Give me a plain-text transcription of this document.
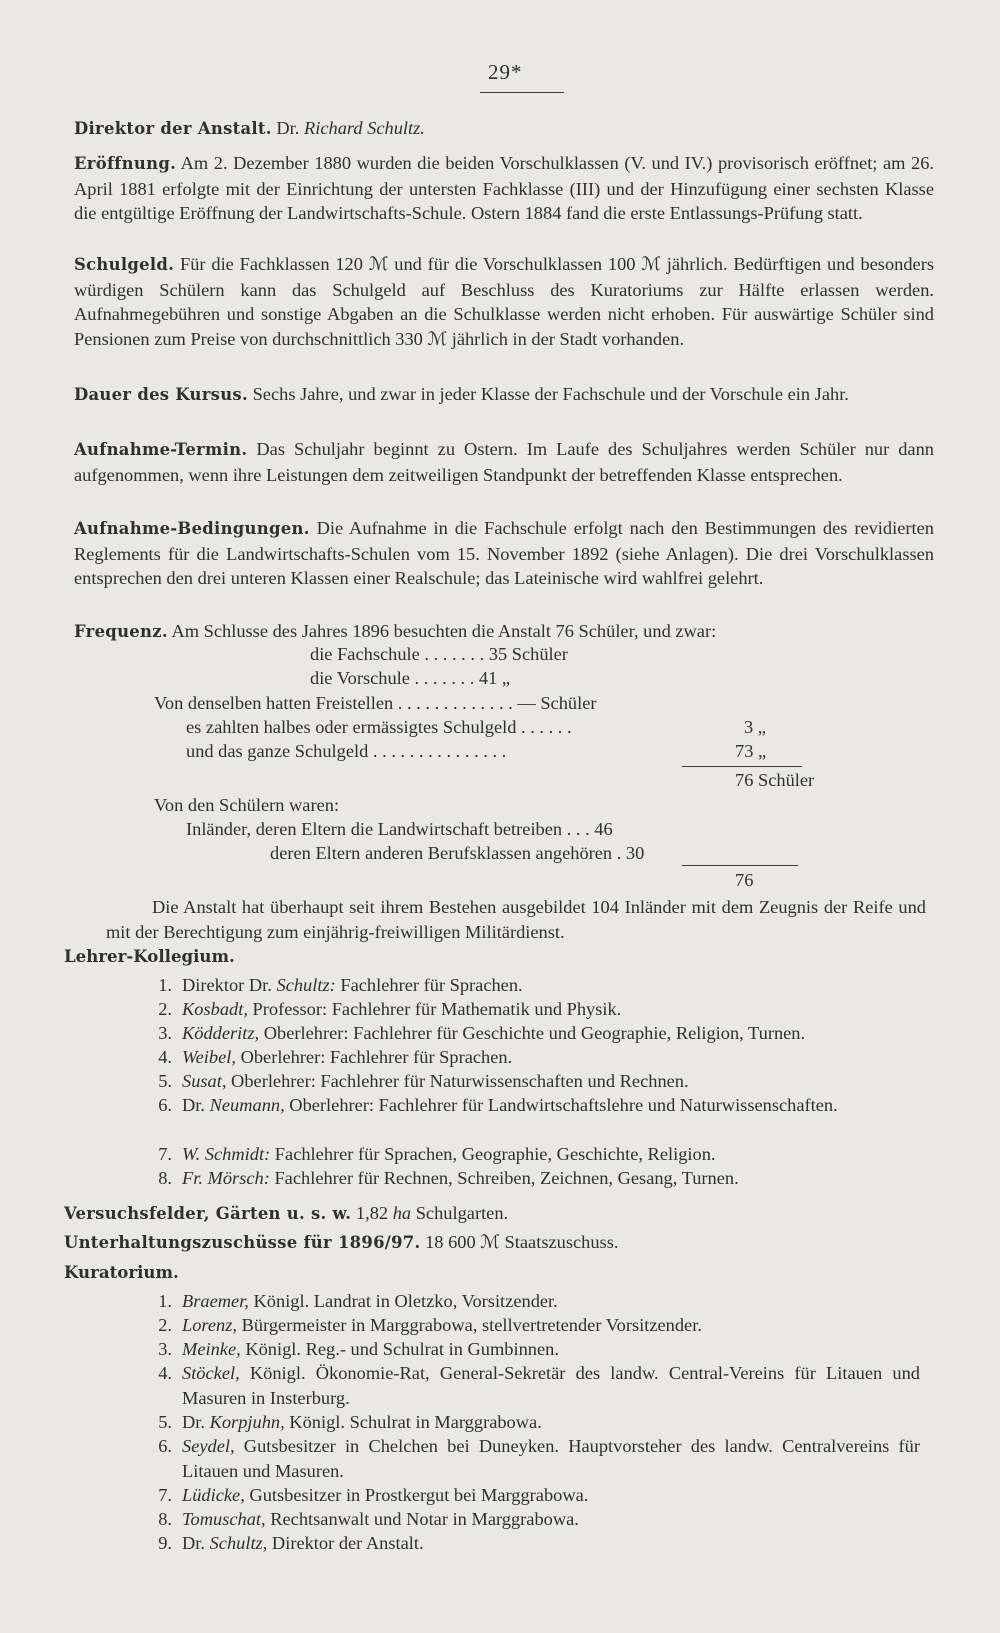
29*

Direktor der Anstalt. Dr. Richard Schultz.

Eröffnung. Am 2. Dezember 1880 wurden die beiden Vorschulklassen (V. und IV.) provisorisch eröffnet; am 26. April 1881 erfolgte mit der Einrichtung der untersten Fachklasse (III) und der Hinzufügung einer sechsten Klasse die entgültige Eröffnung der Landwirtschafts-Schule. Ostern 1884 fand die erste Entlassungs-Prüfung statt.

Schulgeld. Für die Fachklassen 120 ℳ und für die Vorschulklassen 100 ℳ jährlich. Bedürftigen und besonders würdigen Schülern kann das Schulgeld auf Beschluss des Kuratoriums zur Hälfte erlassen werden. Aufnahmegebühren und sonstige Abgaben an die Schulklasse werden nicht erhoben. Für auswärtige Schüler sind Pensionen zum Preise von durchschnittlich 330 ℳ jährlich in der Stadt vorhanden.

Dauer des Kursus. Sechs Jahre, und zwar in jeder Klasse der Fachschule und der Vorschule ein Jahr.

Aufnahme-Termin. Das Schuljahr beginnt zu Ostern. Im Laufe des Schuljahres werden Schüler nur dann aufgenommen, wenn ihre Leistungen dem zeitweiligen Standpunkt der betreffenden Klasse entsprechen.

Aufnahme-Bedingungen. Die Aufnahme in die Fachschule erfolgt nach den Bestimmungen des revidierten Reglements für die Landwirtschafts-Schulen vom 15. November 1892 (siehe Anlagen). Die drei Vorschulklassen entsprechen den drei unteren Klassen einer Realschule; das Lateinische wird wahlfrei gelehrt.

Frequenz. Am Schlusse des Jahres 1896 besuchten die Anstalt 76 Schüler, und zwar:

die Fachschule . . . . . . . 35 Schüler
die Vorschule . . . . . . . 41 „
Von denselben hatten Freistellen . . . . . . . . . . . . . — Schüler
es zahlten halbes oder ermässigtes Schulgeld . . . . . .	3 „
und das ganze Schulgeld . . . . . . . . . . . . . . .	73 „
76 Schüler
Von den Schülern waren:
Inländer, deren Eltern die Landwirtschaft betreiben . . . 46
deren Eltern anderen Berufsklassen angehören . 30
76

Die Anstalt hat überhaupt seit ihrem Bestehen ausgebildet 104 Inländer mit dem Zeugnis der Reife und mit der Berechtigung zum einjährig-freiwilligen Militärdienst.

Lehrer-Kollegium.
1. Direktor Dr. Schultz: Fachlehrer für Sprachen.
2. Kosbadt, Professor: Fachlehrer für Mathematik und Physik.
3. Ködderitz, Oberlehrer: Fachlehrer für Geschichte und Geographie, Religion, Turnen.
4. Weibel, Oberlehrer: Fachlehrer für Sprachen.
5. Susat, Oberlehrer: Fachlehrer für Naturwissenschaften und Rechnen.
6. Dr. Neumann, Oberlehrer: Fachlehrer für Landwirtschaftslehre und Naturwissenschaften.
7. W. Schmidt: Fachlehrer für Sprachen, Geographie, Geschichte, Religion.
8. Fr. Mörsch: Fachlehrer für Rechnen, Schreiben, Zeichnen, Gesang, Turnen.

Versuchsfelder, Gärten u. s. w. 1,82 ha Schulgarten.

Unterhaltungszuschüsse für 1896/97. 18 600 ℳ Staatszuschuss.

Kuratorium.
1. Braemer, Königl. Landrat in Oletzko, Vorsitzender.
2. Lorenz, Bürgermeister in Marggrabowa, stellvertretender Vorsitzender.
3. Meinke, Königl. Reg.- und Schulrat in Gumbinnen.
4. Stöckel, Königl. Ökonomie-Rat, General-Sekretär des landw. Central-Vereins für Litauen und Masuren in Insterburg.
5. Dr. Korpjuhn, Königl. Schulrat in Marggrabowa.
6. Seydel, Gutsbesitzer in Chelchen bei Duneyken. Hauptvorsteher des landw. Centralvereins für Litauen und Masuren.
7. Lüdicke, Gutsbesitzer in Prostkergut bei Marggrabowa.
8. Tomuschat, Rechtsanwalt und Notar in Marggrabowa.
9. Dr. Schultz, Direktor der Anstalt.
